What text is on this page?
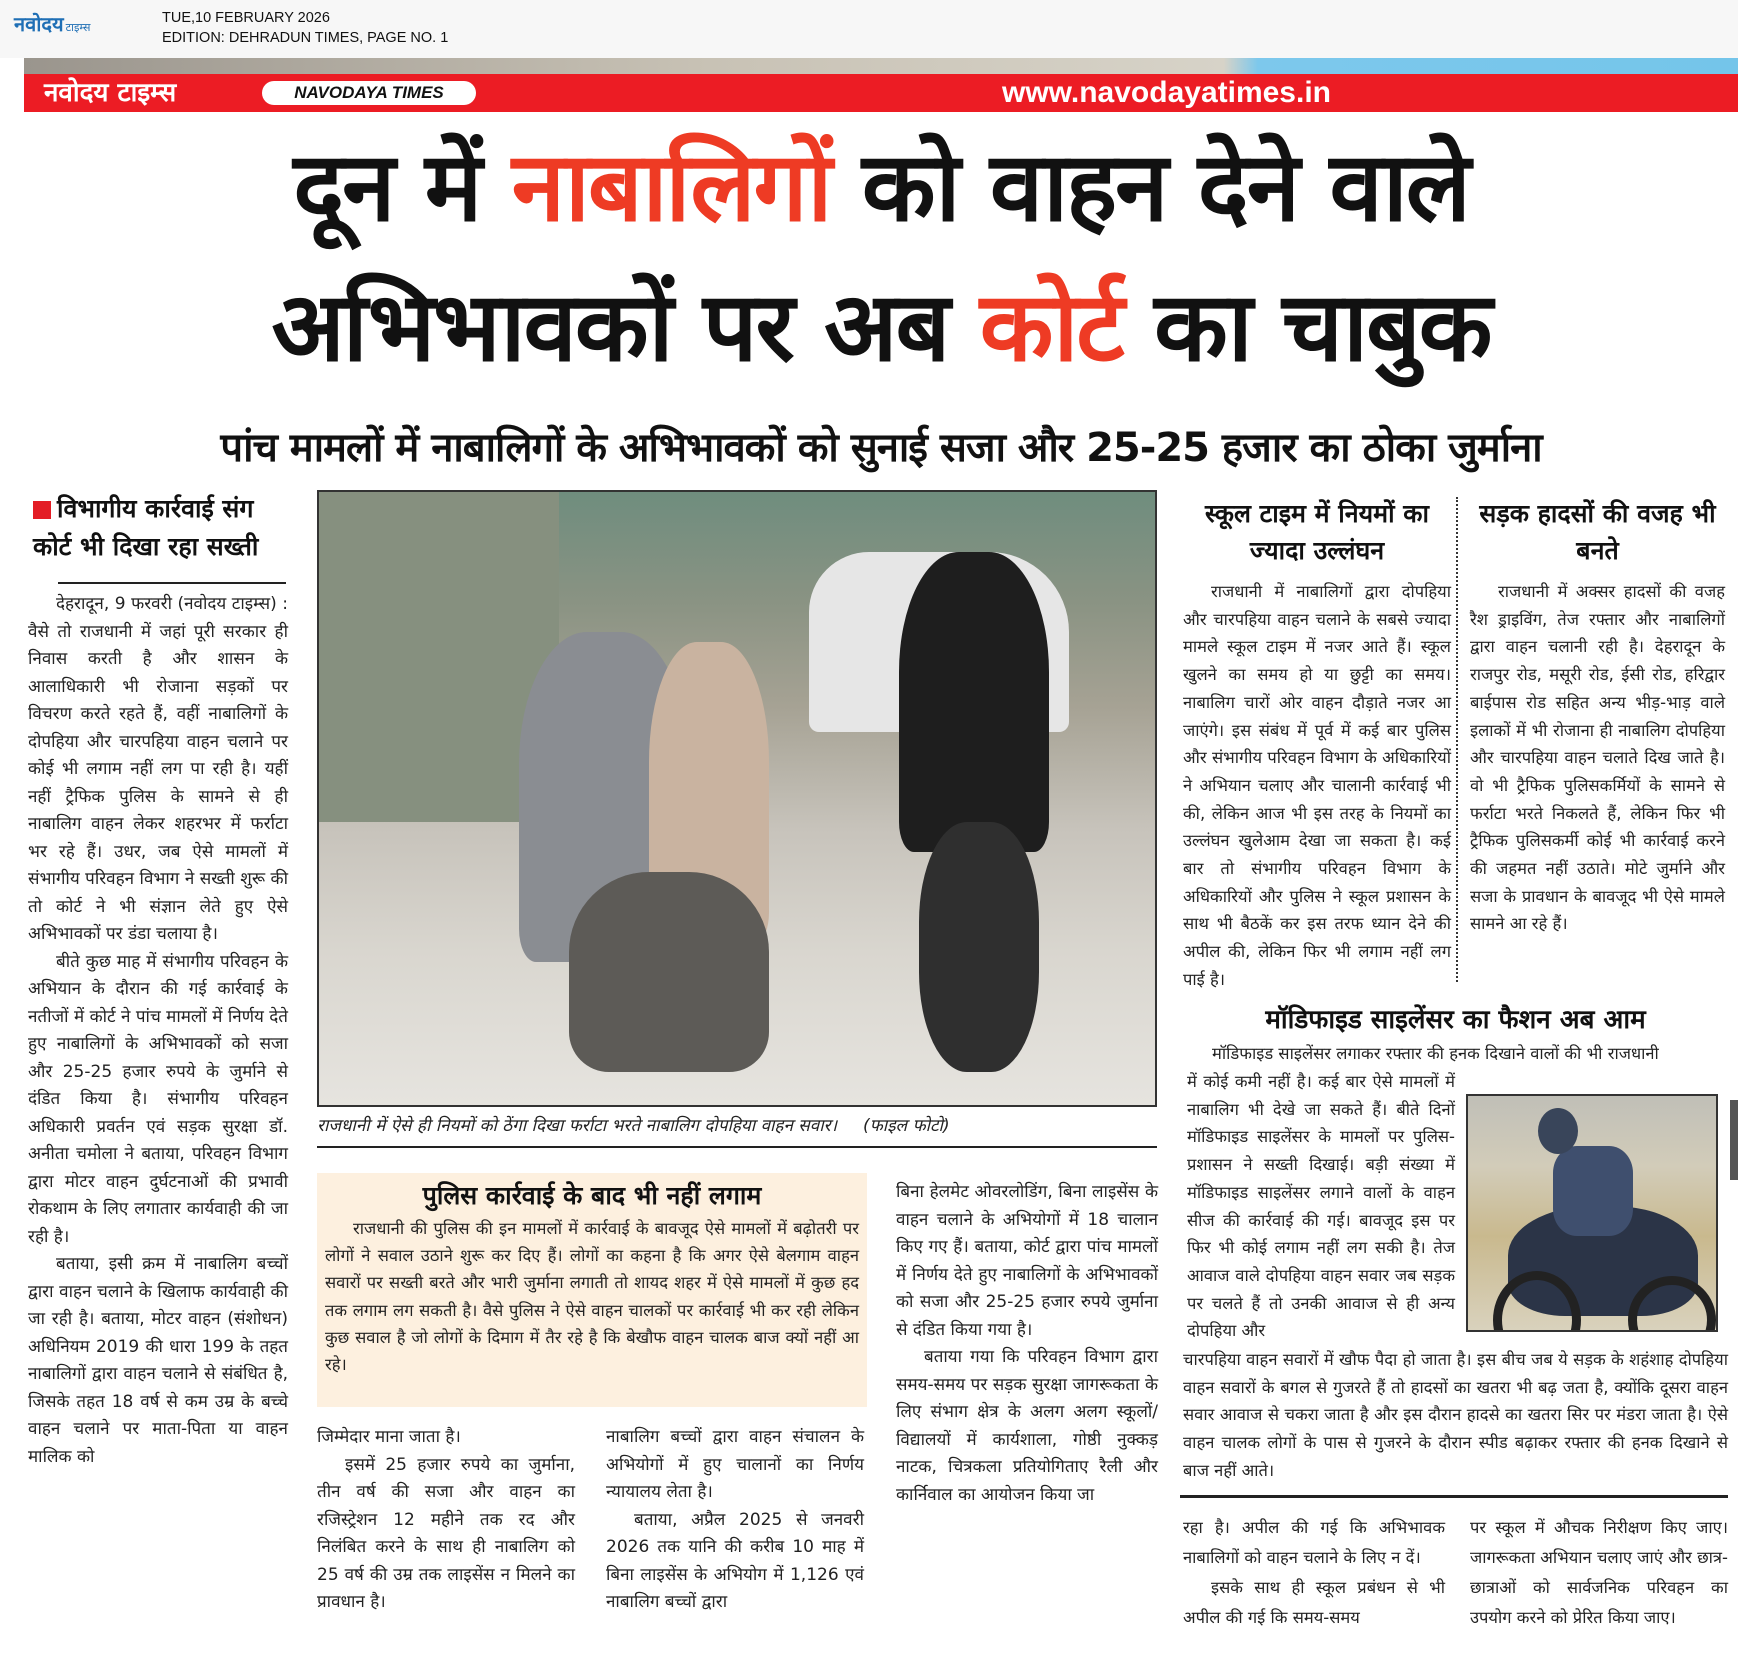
नवोदय टाइम्स
TUE,10 FEBRUARY 2026
EDITION: DEHRADUN TIMES, PAGE NO. 1
नवोदय टाइम्स	NAVODAYA TIMES	www.navodayatimes.in
दून में नाबालिगों को वाहन देने वाले
अभिभावकों पर अब कोर्ट का चाबुक
पांच मामलों में नाबालिगों के अभिभावकों को सुनाई सजा और 25-25 हजार का ठोका जुर्माना
विभागीय कार्रवाई संग कोर्ट भी दिखा रहा सख्ती

देहरादून, 9 फरवरी (नवोदय टाइम्स) : वैसे तो राजधानी में जहां पूरी सरकार ही निवास करती है और शासन के आलाधिकारी भी रोजाना सड़कों पर विचरण करते रहते हैं, वहीं नाबालिगों के दोपहिया और चारपहिया वाहन चलाने पर कोई भी लगाम नहीं लग पा रही है। यहीं नहीं ट्रैफिक पुलिस के सामने से ही नाबालिग वाहन लेकर शहरभर में फर्राटा भर रहे हैं। उधर, जब ऐसे मामलों में संभागीय परिवहन विभाग ने सख्ती शुरू की तो कोर्ट ने भी संज्ञान लेते हुए ऐसे अभिभावकों पर डंडा चलाया है।

बीते कुछ माह में संभागीय परिवहन के अभियान के दौरान की गई कार्रवाई के नतीजों में कोर्ट ने पांच मामलों में निर्णय देते हुए नाबालिगों के अभिभावकों को सजा और 25-25 हजार रुपये के जुर्माने से दंडित किया है। संभागीय परिवहन अधिकारी प्रवर्तन एवं सड़क सुरक्षा डॉ. अनीता चमोला ने बताया, परिवहन विभाग द्वारा मोटर वाहन दुर्घटनाओं की प्रभावी रोकथाम के लिए लगातार कार्यवाही की जा रही है।

बताया, इसी क्रम में नाबालिग बच्चों द्वारा वाहन चलाने के खिलाफ कार्यवाही की जा रही है। बताया, मोटर वाहन (संशोधन) अधिनियम 2019 की धारा 199 के तहत नाबालिगों द्वारा वाहन चलाने से संबंधित है, जिसके तहत 18 वर्ष से कम उम्र के बच्चे वाहन चलाने पर माता-पिता या वाहन मालिक को

राजधानी में ऐसे ही नियमों को ठेंगा दिखा फर्राटा भरते नाबालिग दोपहिया वाहन सवार। (फाइल फोटो)
पुलिस कार्रवाई के बाद भी नहीं लगाम

राजधानी की पुलिस की इन मामलों में कार्रवाई के बावजूद ऐसे मामलों में बढ़ोतरी पर लोगों ने सवाल उठाने शुरू कर दिए हैं। लोगों का कहना है कि अगर ऐसे बेलगाम वाहन सवारों पर सख्ती बरते और भारी जुर्माना लगाती तो शायद शहर में ऐसे मामलों में कुछ हद तक लगाम लग सकती है। वैसे पुलिस ने ऐसे वाहन चालकों पर कार्रवाई भी कर रही लेकिन कुछ सवाल है जो लोगों के दिमाग में तैर रहे है कि बेखौफ वाहन चालक बाज क्यों नहीं आ रहे।

जिम्मेदार माना जाता है।

इसमें 25 हजार रुपये का जुर्माना, तीन वर्ष की सजा और वाहन का रजिस्ट्रेशन 12 महीने तक रद और निलंबित करने के साथ ही नाबालिग को 25 वर्ष की उम्र तक लाइसेंस न मिलने का प्रावधान है।

नाबालिग बच्चों द्वारा वाहन संचालन के अभियोगों में हुए चालानों का निर्णय न्यायालय लेता है।

बताया, अप्रैल 2025 से जनवरी 2026 तक यानि की करीब 10 माह में बिना लाइसेंस के अभियोग में 1,126 एवं नाबालिग बच्चों द्वारा

बिना हेलमेट ओवरलोडिंग, बिना लाइसेंस के वाहन चलाने के अभियोगों में 18 चालान किए गए हैं। बताया, कोर्ट द्वारा पांच मामलों में निर्णय देते हुए नाबालिगों के अभिभावकों को सजा और 25-25 हजार रुपये जुर्माना से दंडित किया गया है।

बताया गया कि परिवहन विभाग द्वारा समय-समय पर सड़क सुरक्षा जागरूकता के लिए संभाग क्षेत्र के अलग अलग स्कूलों/विद्यालयों में कार्यशाला, गोष्ठी नुक्कड़ नाटक, चित्रकला प्रतियोगिताए रैली और कार्निवाल का आयोजन किया जा

स्कूल टाइम में नियमों का ज्यादा उल्लंघन

राजधानी में नाबालिगों द्वारा दोपहिया और चारपहिया वाहन चलाने के सबसे ज्यादा मामले स्कूल टाइम में नजर आते हैं। स्कूल खुलने का समय हो या छुट्टी का समय। नाबालिग चारों ओर वाहन दौड़ाते नजर आ जाएंगे। इस संबंध में पूर्व में कई बार पुलिस और संभागीय परिवहन विभाग के अधिकारियों ने अभियान चलाए और चालानी कार्रवाई भी की, लेकिन आज भी इस तरह के नियमों का उल्लंघन खुलेआम देखा जा सकता है। कई बार तो संभागीय परिवहन विभाग के अधिकारियों और पुलिस ने स्कूल प्रशासन के साथ भी बैठकें कर इस तरफ ध्यान देने की अपील की, लेकिन फिर भी लगाम नहीं लग पाई है।

सड़क हादसों की वजह भी बनते

राजधानी में अक्सर हादसों की वजह रैश ड्राइविंग, तेज रफ्तार और नाबालिगों द्वारा वाहन चलानी रही है। देहरादून के राजपुर रोड, मसूरी रोड, ईसी रोड, हरिद्वार बाईपास रोड सहित अन्य भीड़-भाड़ वाले इलाकों में भी रोजाना ही नाबालिग दोपहिया और चारपहिया वाहन चलाते दिख जाते है। वो भी ट्रैफिक पुलिसकर्मियों के सामने से फर्राटा भरते निकलते हैं, लेकिन फिर भी ट्रैफिक पुलिसकर्मी कोई भी कार्रवाई करने की जहमत नहीं उठाते। मोटे जुर्माने और सजा के प्रावधान के बावजूद भी ऐसे मामले सामने आ रहे हैं।

मॉडिफाइड साइलेंसर का फैशन अब आम

मॉडिफाइड साइलेंसर लगाकर रफ्तार की हनक दिखाने वालों की भी राजधानी

में कोई कमी नहीं है। कई बार ऐसे मामलों में नाबालिग भी देखे जा सकते हैं। बीते दिनों मॉडिफाइड साइलेंसर के मामलों पर पुलिस-प्रशासन ने सख्ती दिखाई। बड़ी संख्या में मॉडिफाइड साइलेंसर लगाने वालों के वाहन सीज की कार्रवाई की गई। बावजूद इस पर फिर भी कोई लगाम नहीं लग सकी है। तेज आवाज वाले दोपहिया वाहन सवार जब सड़क पर चलते हैं तो उनकी आवाज से ही अन्य दोपहिया और

चारपहिया वाहन सवारों में खौफ पैदा हो जाता है। इस बीच जब ये सड़क के शहंशाह दोपहिया वाहन सवारों के बगल से गुजरते हैं तो हादसों का खतरा भी बढ़ जता है, क्योंकि दूसरा वाहन सवार आवाज से चकरा जाता है और इस दौरान हादसे का खतरा सिर पर मंडरा जाता है। ऐसे वाहन चालक लोगों के पास से गुजरने के दौरान स्पीड बढ़ाकर रफ्तार की हनक दिखाने से बाज नहीं आते।

रहा है। अपील की गई कि अभिभावक नाबालिगों को वाहन चलाने के लिए न दें।

इसके साथ ही स्कूल प्रबंधन से भी अपील की गई कि समय-समय

पर स्कूल में औचक निरीक्षण किए जाए। जागरूकता अभियान चलाए जाएं और छात्र-छात्राओं को सार्वजनिक परिवहन का उपयोग करने को प्रेरित किया जाए।
